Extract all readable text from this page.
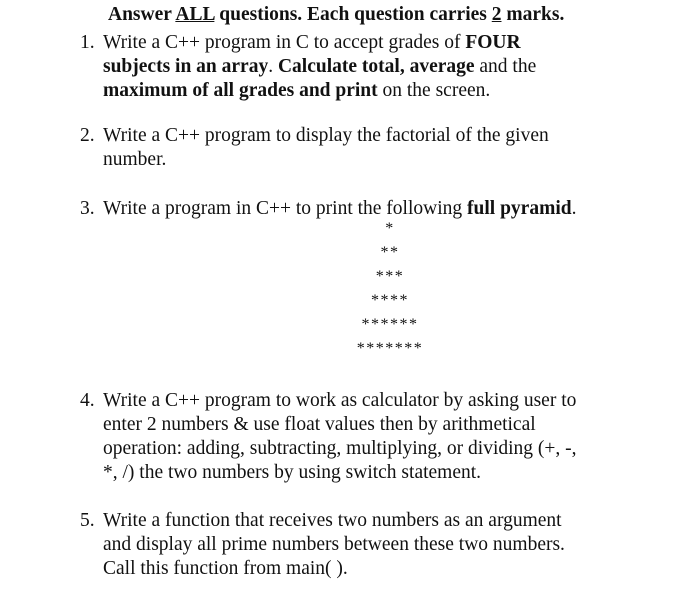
Answer ALL questions. Each question carries 2 marks.
1. Write a C++ program in C to accept grades of FOUR
subjects in an array. Calculate total, average and the
maximum of all grades and print on the screen.
2. Write a C++ program to display the factorial of the given
number.
3. Write a program in C++ to print the following full pyramid.
*
**
***
****
******
*******
4. Write a C++ program to work as calculator by asking user to
enter 2 numbers & use float values then by arithmetical
operation: adding, subtracting, multiplying, or dividing (+, -,
*, /) the two numbers by using switch statement.
5. Write a function that receives two numbers as an argument
and display all prime numbers between these two numbers.
Call this function from main( ).
